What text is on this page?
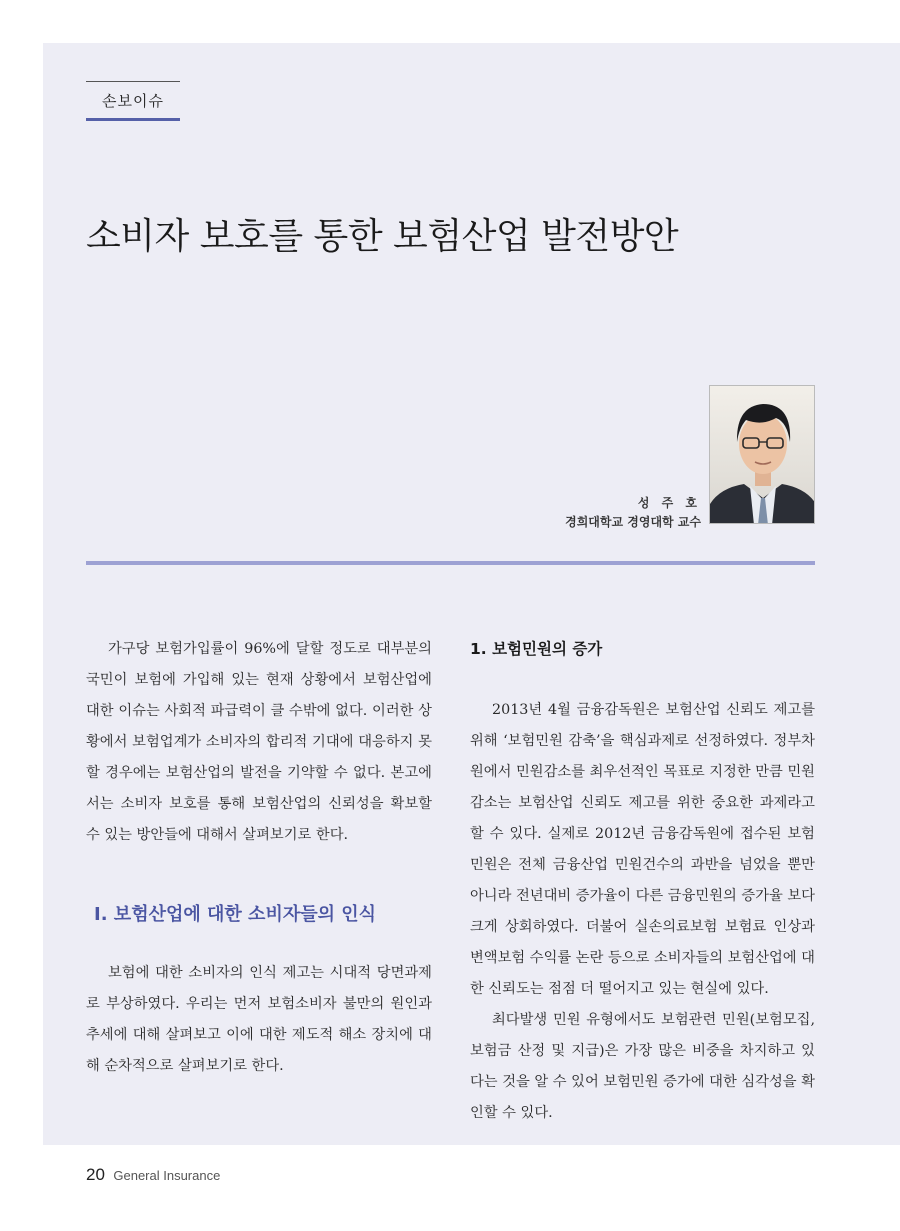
손보이슈
소비자 보호를 통한 보험산업 발전방안
성 주 호
경희대학교 경영대학 교수

가구당 보험가입률이 96%에 달할 정도로 대부분의 국민이 보험에 가입해 있는 현재 상황에서 보험산업에 대한 이슈는 사회적 파급력이 클 수밖에 없다. 이러한 상황에서 보험업계가 소비자의 합리적 기대에 대응하지 못할 경우에는 보험산업의 발전을 기약할 수 없다. 본고에서는 소비자 보호를 통해 보험산업의 신뢰성을 확보할 수 있는 방안들에 대해서 살펴보기로 한다.

Ⅰ. 보험산업에 대한 소비자들의 인식

보험에 대한 소비자의 인식 제고는 시대적 당면과제로 부상하였다. 우리는 먼저 보험소비자 불만의 원인과 추세에 대해 살펴보고 이에 대한 제도적 해소 장치에 대해 순차적으로 살펴보기로 한다.

1. 보험민원의 증가

2013년 4월 금융감독원은 보험산업 신뢰도 제고를 위해 ‘보험민원 감축’을 핵심과제로 선정하였다. 정부차원에서 민원감소를 최우선적인 목표로 지정한 만큼 민원감소는 보험산업 신뢰도 제고를 위한 중요한 과제라고 할 수 있다. 실제로 2012년 금융감독원에 접수된 보험민원은 전체 금융산업 민원건수의 과반을 넘었을 뿐만 아니라 전년대비 증가율이 다른 금융민원의 증가율 보다 크게 상회하였다. 더불어 실손의료보험 보험료 인상과 변액보험 수익률 논란 등으로 소비자들의 보험산업에 대한 신뢰도는 점점 더 떨어지고 있는 현실에 있다.

최다발생 민원 유형에서도 보험관련 민원(보험모집, 보험금 산정 및 지급)은 가장 많은 비중을 차지하고 있다는 것을 알 수 있어 보험민원 증가에 대한 심각성을 확인할 수 있다.

20 General Insurance
